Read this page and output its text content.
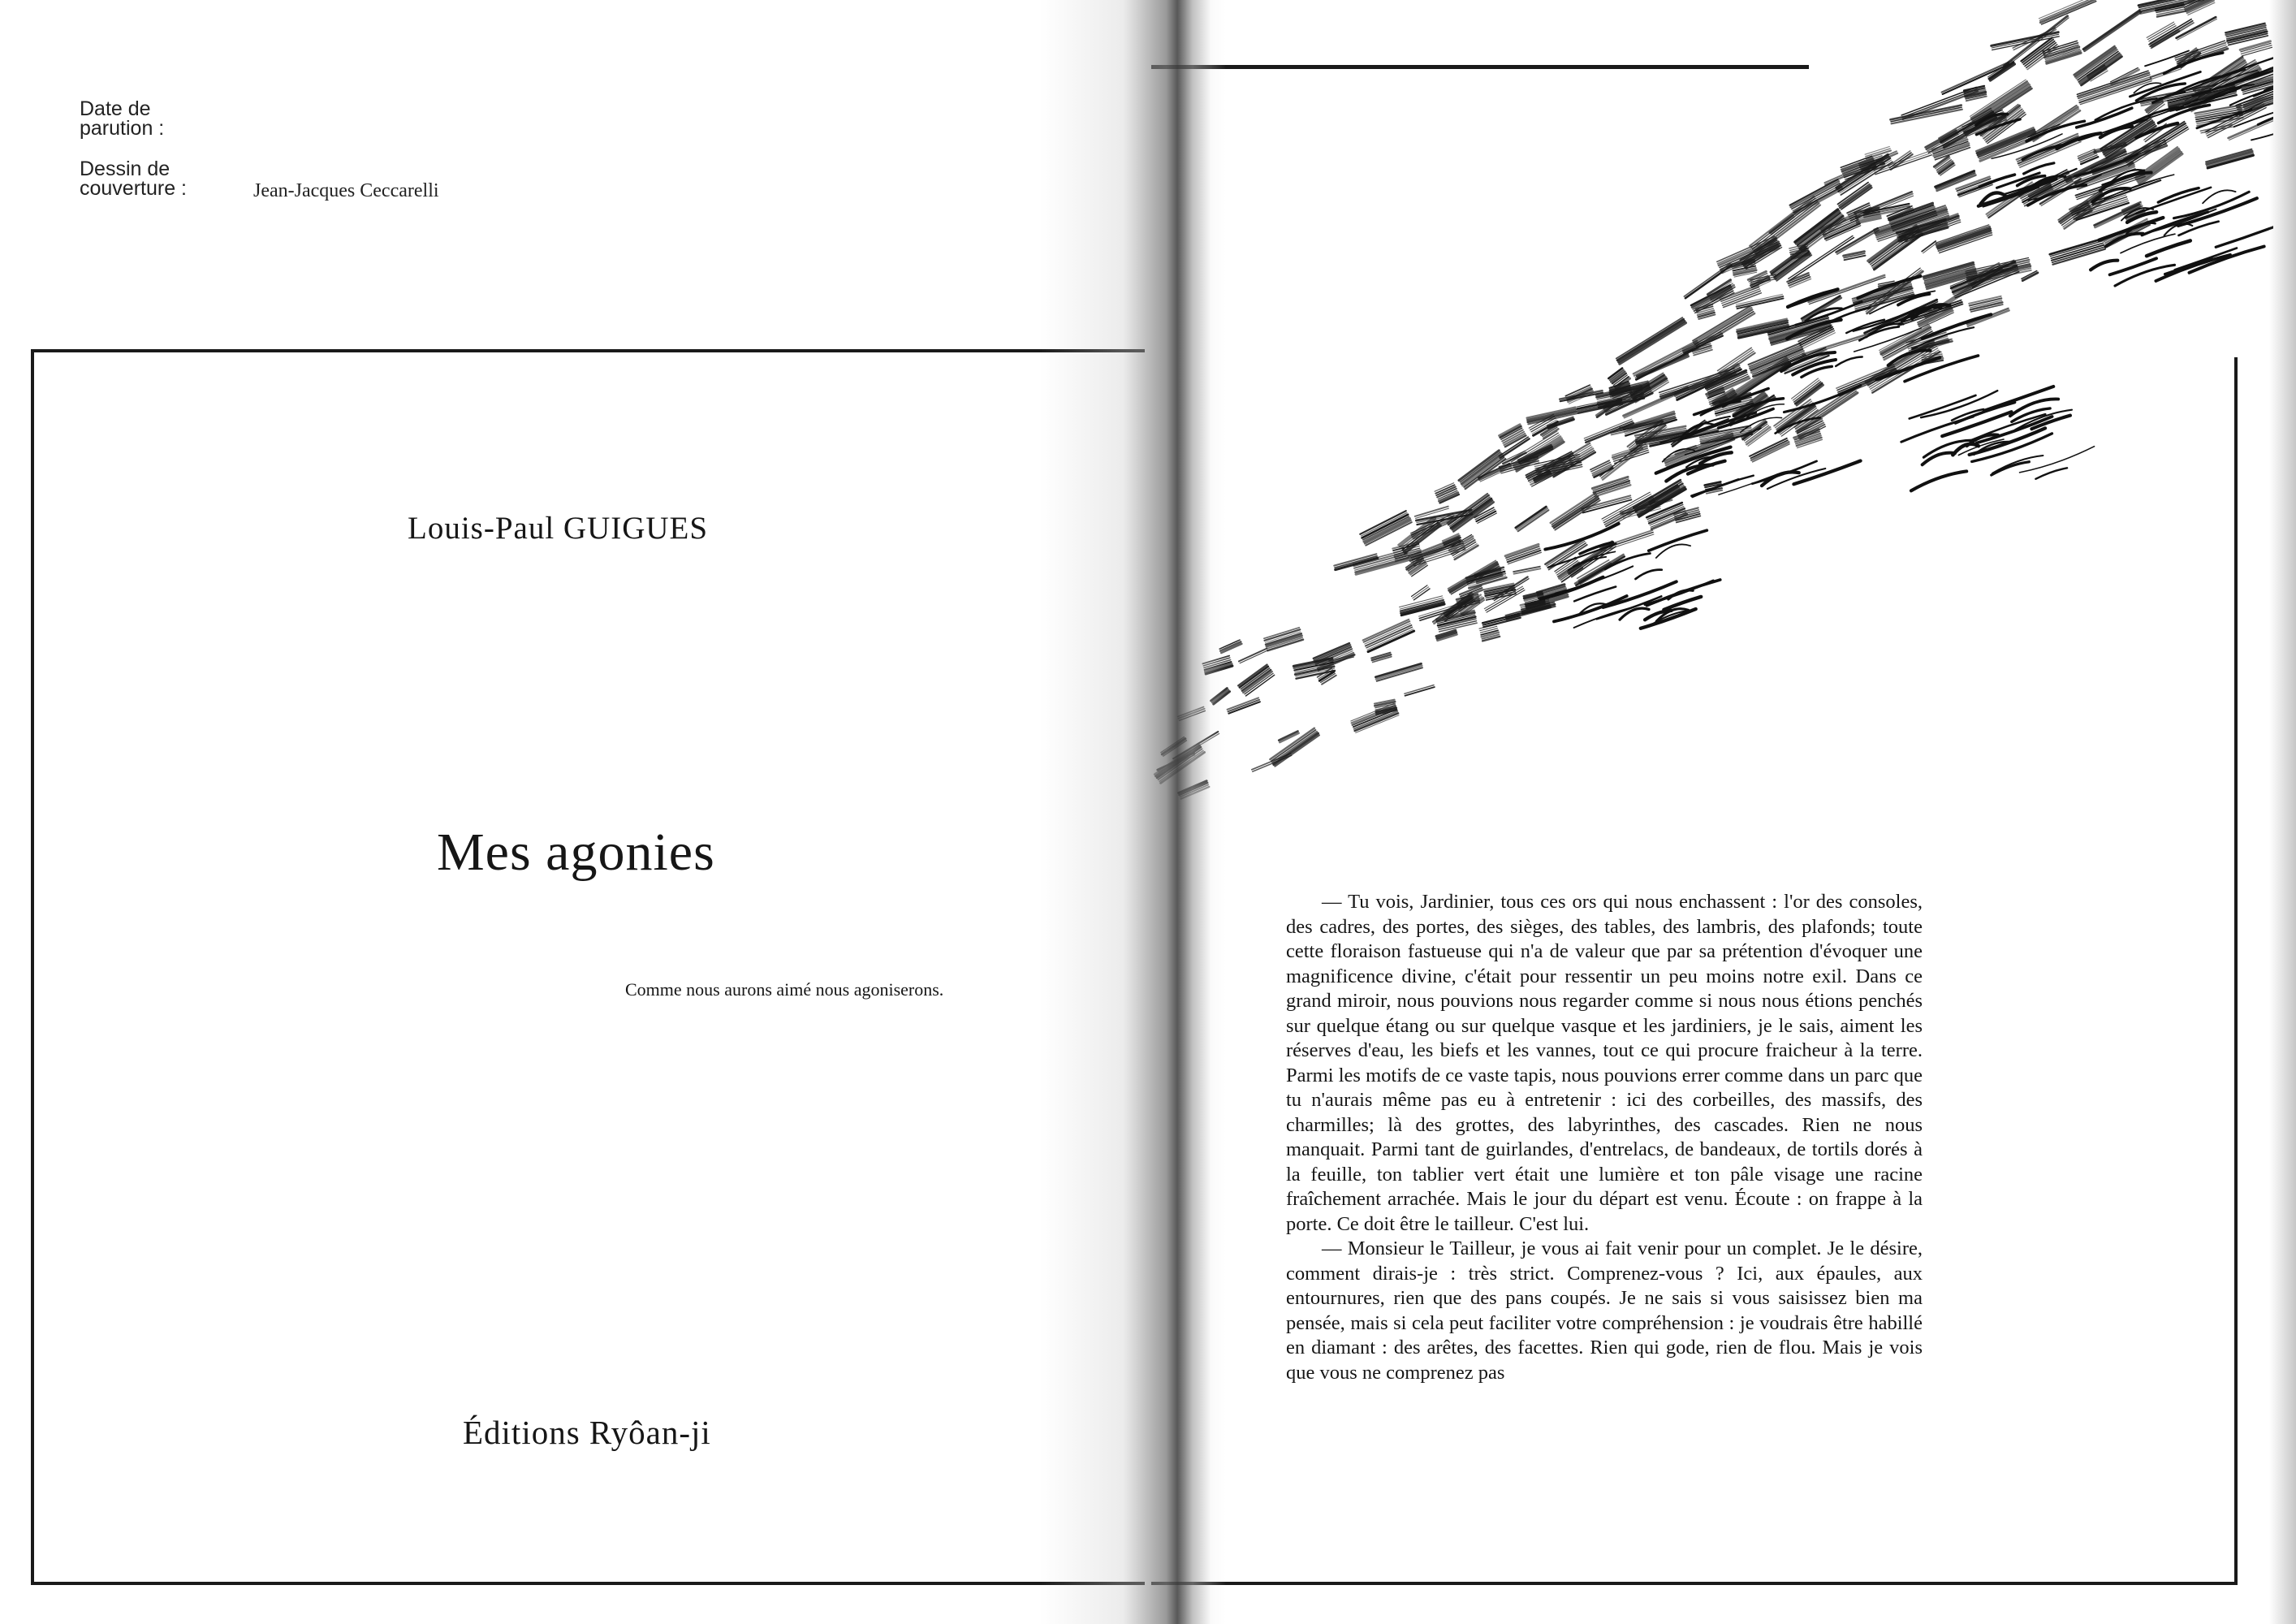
Date de parution :
Dessin de couverture :	Jean-Jacques Ceccarelli
Louis-Paul GUIGUES
Mes agonies
Comme nous aurons aimé nous agoniserons.
Éditions Ryôan-ji

— Tu vois, Jardinier, tous ces ors qui nous enchassent : l'or des consoles, des cadres, des portes, des sièges, des tables, des lambris, des plafonds; toute cette floraison fastueuse qui n'a de valeur que par sa prétention d'évoquer une magnificence divine, c'était pour ressentir un peu moins notre exil. Dans ce grand miroir, nous pouvions nous regarder comme si nous nous étions penchés sur quelque étang ou sur quelque vasque et les jardiniers, je le sais, aiment les réserves d'eau, les biefs et les vannes, tout ce qui procure fraicheur à la terre. Parmi les motifs de ce vaste tapis, nous pouvions errer comme dans un parc que tu n'aurais même pas eu à entretenir : ici des corbeilles, des massifs, des charmilles; là des grottes, des labyrinthes, des cascades. Rien ne nous manquait. Parmi tant de guirlandes, d'entrelacs, de bandeaux, de tortils dorés à la feuille, ton tablier vert était une lumière et ton pâle visage une racine fraîchement arrachée. Mais le jour du départ est venu. Écoute : on frappe à la porte. Ce doit être le tailleur. C'est lui.

— Monsieur le Tailleur, je vous ai fait venir pour un complet. Je le désire, comment dirais-je : très strict. Comprenez-vous ? Ici, aux épaules, aux entournures, rien que des pans coupés. Je ne sais si vous saisissez bien ma pensée, mais si cela peut faciliter votre compréhension : je voudrais être habillé en diamant : des arêtes, des facettes. Rien qui gode, rien de flou. Mais je vois que vous ne comprenez pas
